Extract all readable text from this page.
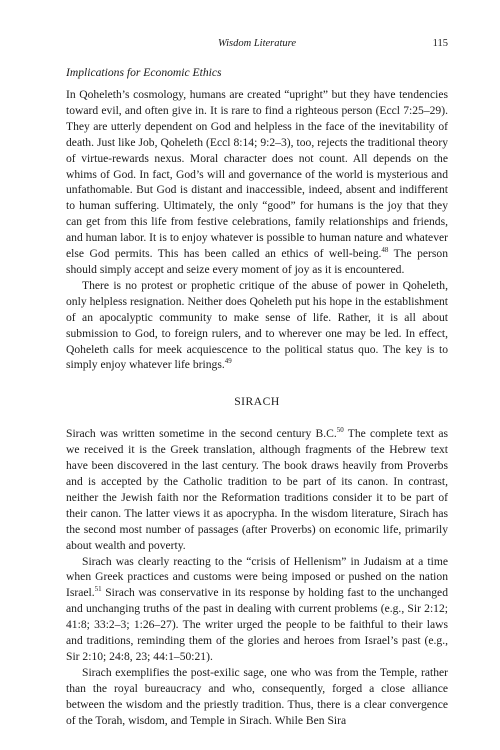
Wisdom Literature	115
Implications for Economic Ethics

In Qoheleth’s cosmology, humans are created “upright” but they have tendencies toward evil, and often give in. It is rare to find a righteous person (Eccl 7:25–29). They are utterly dependent on God and helpless in the face of the inevitability of death. Just like Job, Qoheleth (Eccl 8:14; 9:2–3), too, rejects the traditional theory of virtue-rewards nexus. Moral character does not count. All depends on the whims of God. In fact, God’s will and governance of the world is mysterious and unfathomable. But God is distant and inaccessible, indeed, absent and indifferent to human suffering. Ultimately, the only “good” for humans is the joy that they can get from this life from festive celebrations, family relationships and friends, and human labor. It is to enjoy whatever is possible to human nature and whatever else God permits. This has been called an ethics of well-being.$^{48}$ The person should simply accept and seize every moment of joy as it is encountered.

There is no protest or prophetic critique of the abuse of power in Qoheleth, only helpless resignation. Neither does Qoheleth put his hope in the establishment of an apocalyptic community to make sense of life. Rather, it is all about submission to God, to foreign rulers, and to wherever one may be led. In effect, Qoheleth calls for meek acquiescence to the political status quo. The key is to simply enjoy whatever life brings.$^{49}$

SIRACH

Sirach was written sometime in the second century B.C.$^{50}$ The complete text as we received it is the Greek translation, although fragments of the Hebrew text have been discovered in the last century. The book draws heavily from Proverbs and is accepted by the Catholic tradition to be part of its canon. In contrast, neither the Jewish faith nor the Reformation traditions consider it to be part of their canon. The latter views it as apocrypha. In the wisdom literature, Sirach has the second most number of passages (after Proverbs) on economic life, primarily about wealth and poverty.

Sirach was clearly reacting to the “crisis of Hellenism” in Judaism at a time when Greek practices and customs were being imposed or pushed on the nation Israel.$^{51}$ Sirach was conservative in its response by holding fast to the unchanged and unchanging truths of the past in dealing with current problems (e.g., Sir 2:12; 41:8; 33:2–3; 1:26–27). The writer urged the people to be faithful to their laws and traditions, reminding them of the glories and heroes from Israel’s past (e.g., Sir 2:10; 24:8, 23; 44:1–50:21).

Sirach exemplifies the post-exilic sage, one who was from the Temple, rather than the royal bureaucracy and who, consequently, forged a close alliance between the wisdom and the priestly tradition. Thus, there is a clear convergence of the Torah, wisdom, and Temple in Sirach. While Ben Sira
